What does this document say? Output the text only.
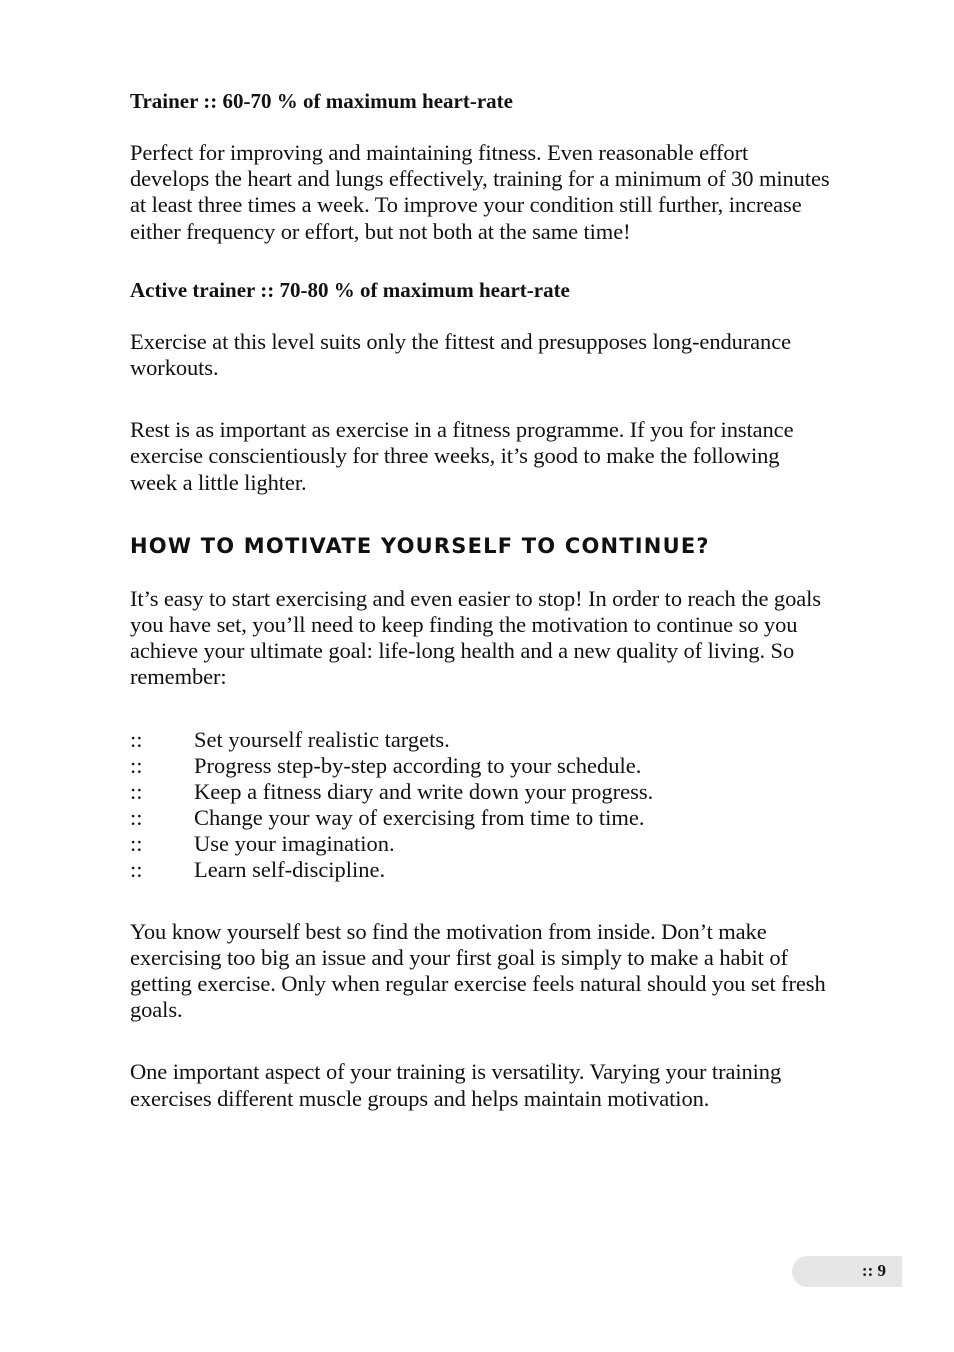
Trainer :: 60-70 % of maximum heart-rate

Perfect for improving and maintaining fitness. Even reasonable effort develops the heart and lungs effectively, training for a minimum of 30 minutes at least three times a week. To improve your condition still further, increase either frequency or effort, but not both at the same time!

Active trainer :: 70-80 % of maximum heart-rate

Exercise at this level suits only the fittest and presupposes long-endurance workouts.

Rest is as important as exercise in a fitness programme. If you for instance exercise conscientiously for three weeks, it’s good to make the following week a little lighter.

HOW TO MOTIVATE YOURSELF TO CONTINUE?

It’s easy to start exercising and even easier to stop! In order to reach the goals you have set, you’ll need to keep finding the motivation to continue so you achieve your ultimate goal: life-long health and a new quality of living. So remember:

::	Set yourself realistic targets.
::	Progress step-by-step according to your schedule.
::	Keep a fitness diary and write down your progress.
::	Change your way of exercising from time to time.
::	Use your imagination.
::	Learn self-discipline.

You know yourself best so find the motivation from inside. Don’t make exercising too big an issue and your first goal is simply to make a habit of getting exercise. Only when regular exercise feels natural should you set fresh goals.

One important aspect of your training is versatility. Varying your training exercises different muscle groups and helps maintain motivation.

:: 9
